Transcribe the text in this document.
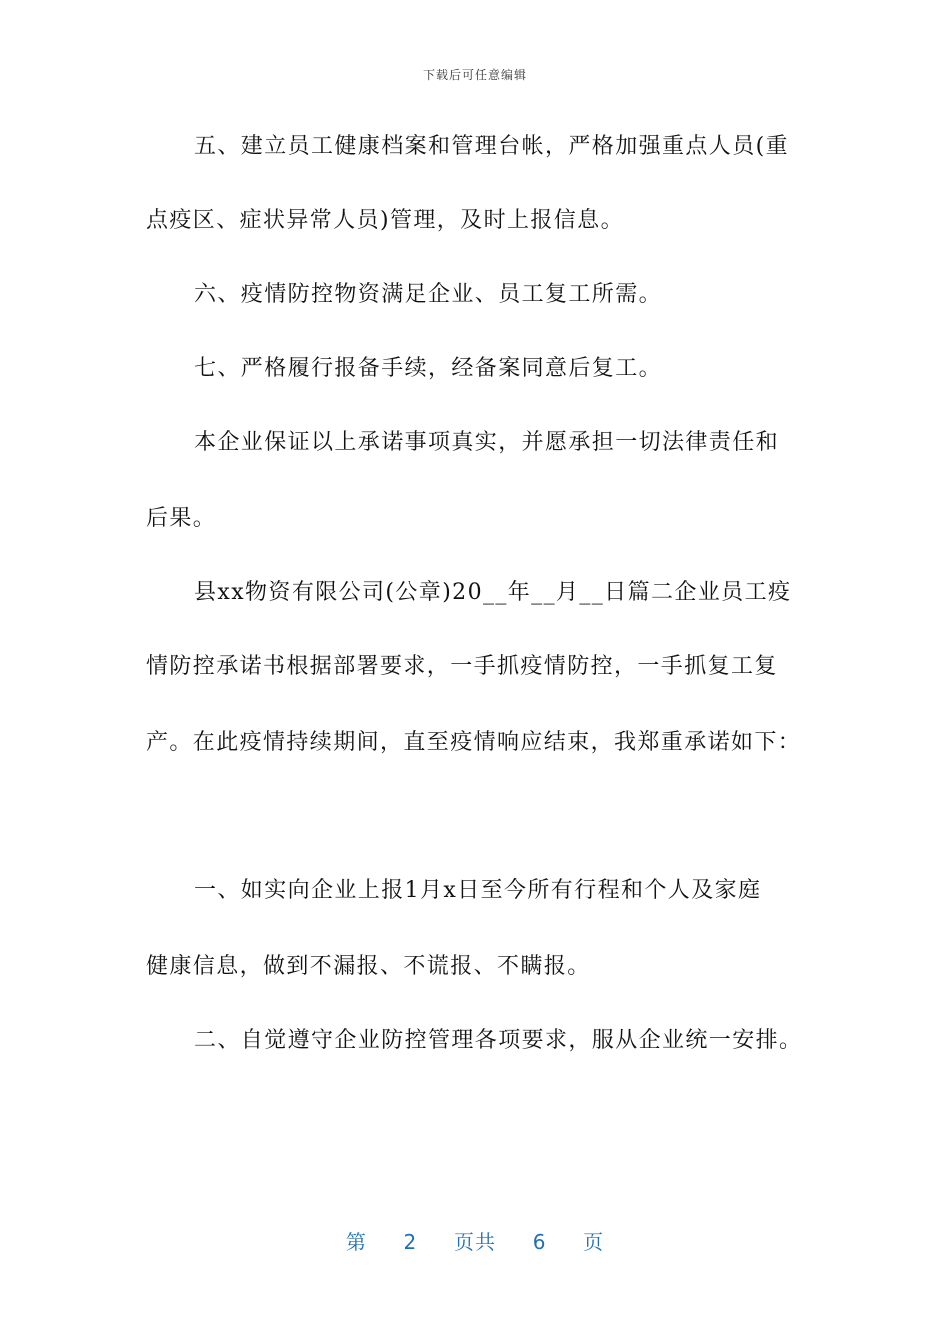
下载后可任意编辑
五、建立员工健康档案和管理台帐，严格加强重点人员(重
点疫区、症状异常人员)管理，及时上报信息。
六、疫情防控物资满足企业、员工复工所需。
七、严格履行报备手续，经备案同意后复工。
本企业保证以上承诺事项真实，并愿承担一切法律责任和
后果。
县xx物资有限公司(公章)20__年__月__日篇二企业员工疫
情防控承诺书根据部署要求，一手抓疫情防控，一手抓复工复
产。在此疫情持续期间，直至疫情响应结束，我郑重承诺如下：
一、如实向企业上报1月x日至今所有行程和个人及家庭
健康信息，做到不漏报、不谎报、不瞒报。
二、自觉遵守企业防控管理各项要求，服从企业统一安排。
第 2 页共 6 页
